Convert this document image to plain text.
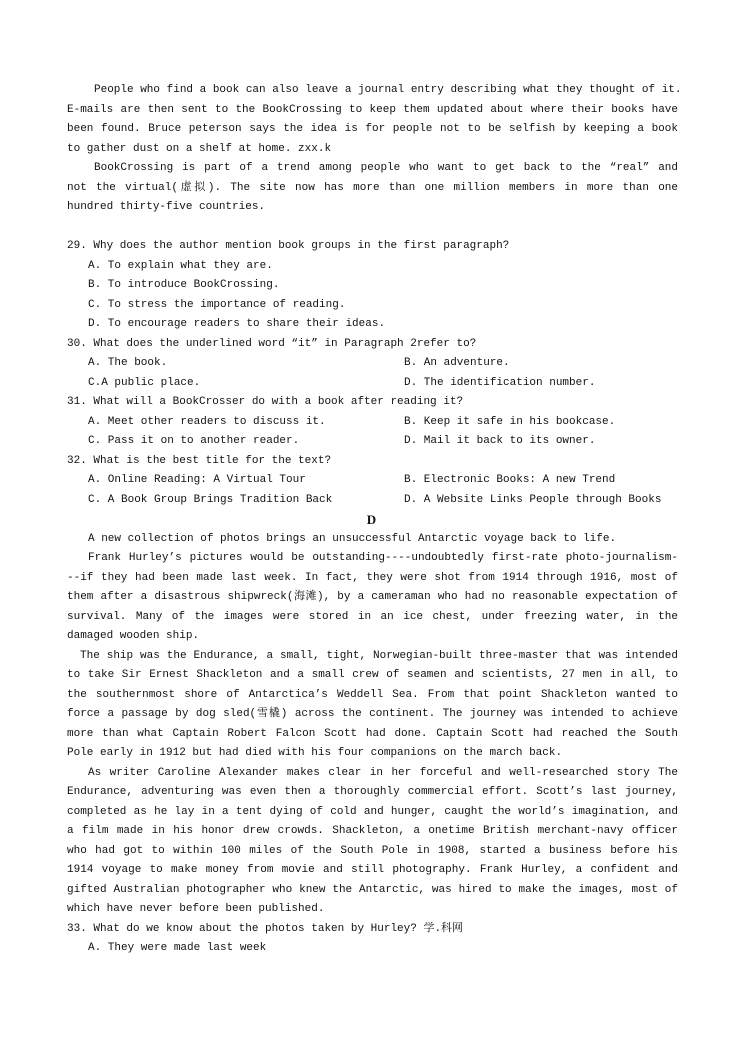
People who find a book can also leave a journal entry describing what they thought of it.
E-mails are then sent to the BookCrossing to keep them updated about where their books have
been found. Bruce peterson says the idea is for people not to be selfish by keeping a book
to gather dust on a shelf at home. zxx.k
BookCrossing is part of a trend among people who want to get back to the “real” and
not the virtual(虚拟). The site now has more than one million members in more than one
hundred thirty-five countries.
29. Why does the author mention book groups in the first paragraph?
A. To explain what they are.
B. To introduce BookCrossing.
C. To stress the importance of reading.
D. To encourage readers to share their ideas.
30. What does the underlined word “it” in Paragraph 2refer to?
A. The book.	B. An adventure.
C.A public place.	D. The identification number.
31. What will a BookCrosser do with a book after reading it?
A. Meet other readers to discuss it.	B. Keep it safe in his bookcase.
C. Pass it on to another reader.	D. Mail it back to its owner.
32. What is the best title for the text?
A. Online Reading: A Virtual Tour	B. Electronic Books: A new Trend
C. A Book Group Brings Tradition Back	D. A Website Links People through Books
D
A new collection of photos brings an unsuccessful Antarctic voyage back to life.
Frank Hurley’s pictures would be outstanding----undoubtedly first-rate photo-journalism-
--if they had been made last week. In fact, they were shot from 1914 through 1916, most of
them after a disastrous shipwreck(海滩), by a cameraman who had no reasonable expectation of
survival. Many of the images were stored in an ice chest, under freezing water, in the
damaged wooden ship.
The ship was the Endurance, a small, tight, Norwegian-built three-master that was intended
to take Sir Ernest Shackleton and a small crew of seamen and scientists, 27 men in all, to
the southernmost shore of Antarctica’s Weddell Sea. From that point Shackleton wanted to
force a passage by dog sled(雪橇) across the continent. The journey was intended to achieve
more than what Captain Robert Falcon Scott had done. Captain Scott had reached the South
Pole early in 1912 but had died with his four companions on the march back.
As writer Caroline Alexander makes clear in her forceful and well-researched story The
Endurance, adventuring was even then a thoroughly commercial effort. Scott’s last journey,
completed as he lay in a tent dying of cold and hunger, caught the world’s imagination, and
a film made in his honor drew crowds. Shackleton, a onetime British merchant-navy officer
who had got to within 100 miles of the South Pole in 1908, started a business before his
1914 voyage to make money from movie and still photography. Frank Hurley, a confident and
gifted Australian photographer who knew the Antarctic, was hired to make the images, most of
which have never before been published.
33. What do we know about the photos taken by Hurley? 学.科网
A. They were made last week
